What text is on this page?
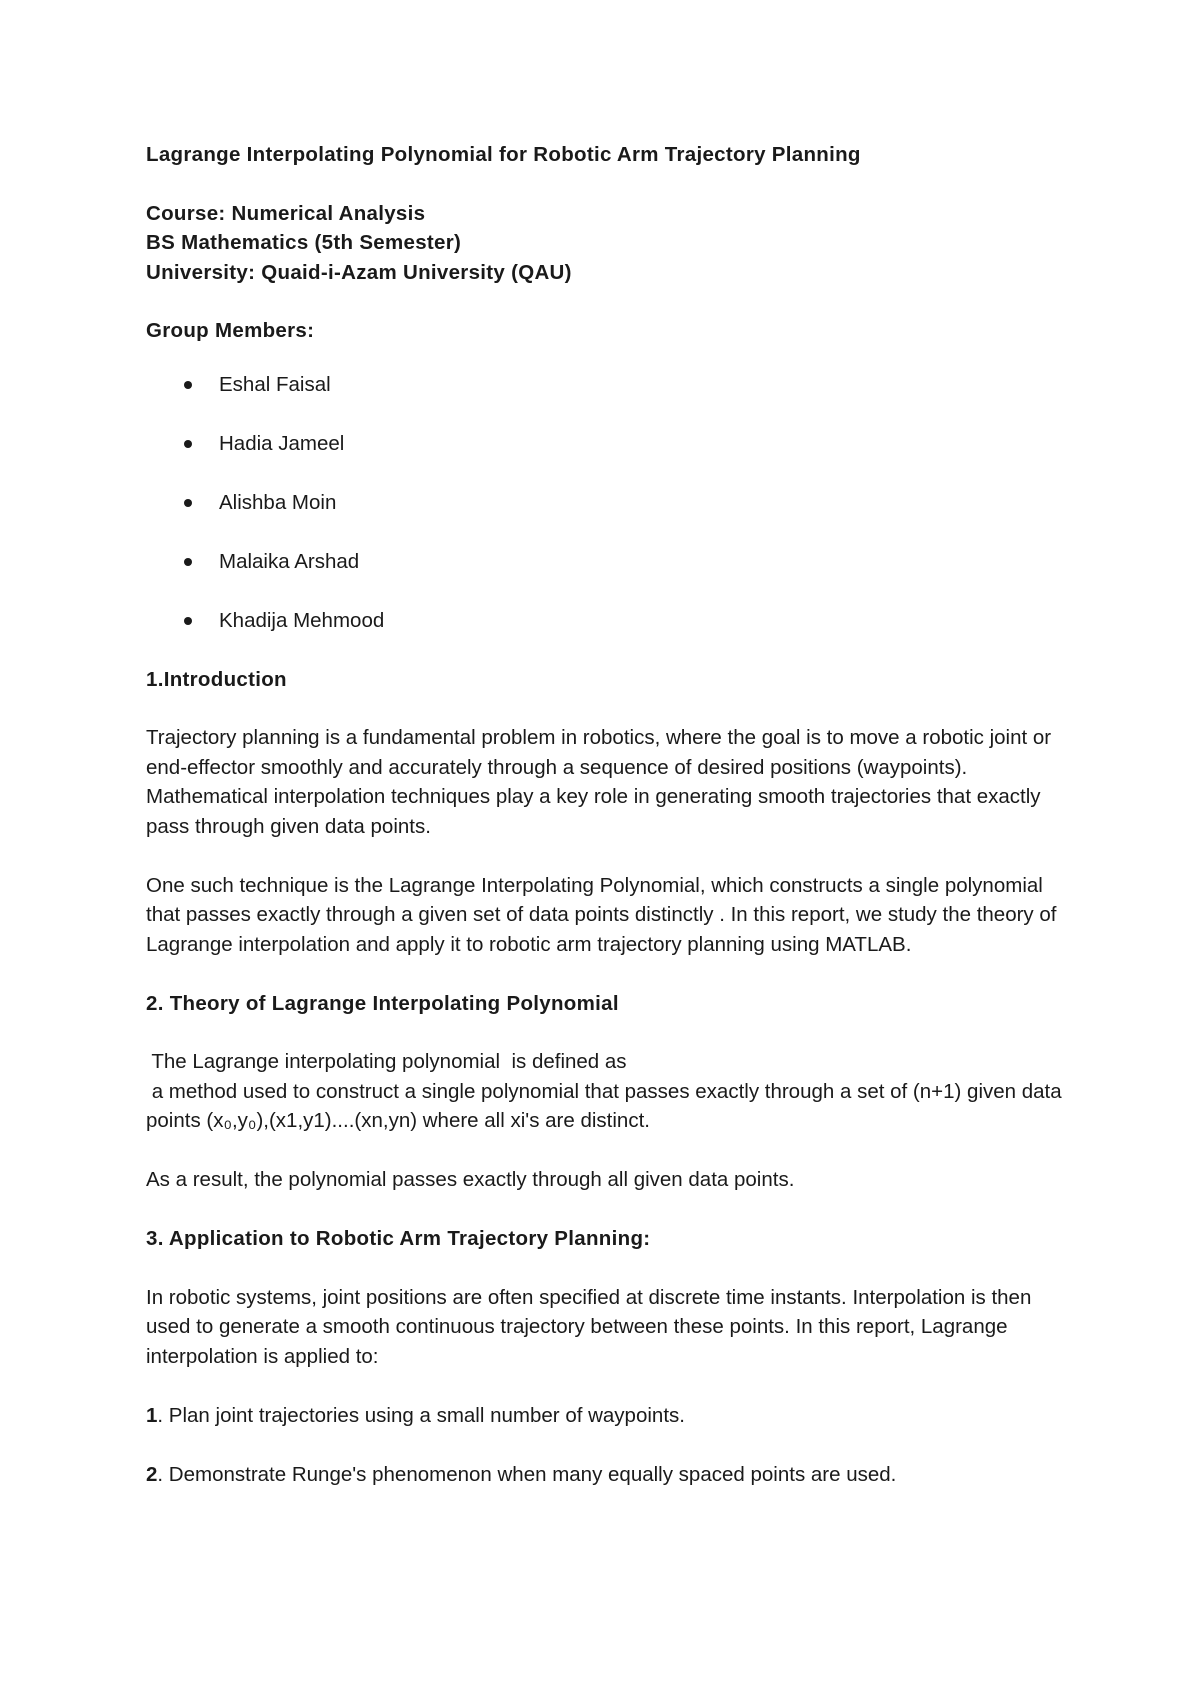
Lagrange Interpolating Polynomial for Robotic Arm Trajectory Planning

Course: Numerical Analysis

BS Mathematics (5th Semester)

University: Quaid-i-Azam University (QAU)

Group Members:
Eshal Faisal
Hadia Jameel
Alishba Moin
Malaika Arshad
Khadija Mehmood
1.Introduction

Trajectory planning is a fundamental problem in robotics, where the goal is to move a robotic joint or end-effector smoothly and accurately through a sequence of desired positions (waypoints). Mathematical interpolation techniques play a key role in generating smooth trajectories that exactly pass through given data points.

One such technique is the Lagrange Interpolating Polynomial, which constructs a single polynomial that passes exactly through a given set of data points distinctly . In this report, we study the theory of Lagrange interpolation and apply it to robotic arm trajectory planning using MATLAB.

2. Theory of Lagrange Interpolating Polynomial

The Lagrange interpolating polynomial  is defined as
a method used to construct a single polynomial that passes exactly through a set of (n+1) given data points (x₀,y₀),(x1,y1)....(xn,yn) where all xi's are distinct.

As a result, the polynomial passes exactly through all given data points.

3. Application to Robotic Arm Trajectory Planning:

In robotic systems, joint positions are often specified at discrete time instants. Interpolation is then used to generate a smooth continuous trajectory between these points. In this report, Lagrange interpolation is applied to:

1. Plan joint trajectories using a small number of waypoints.

2. Demonstrate Runge's phenomenon when many equally spaced points are used.
